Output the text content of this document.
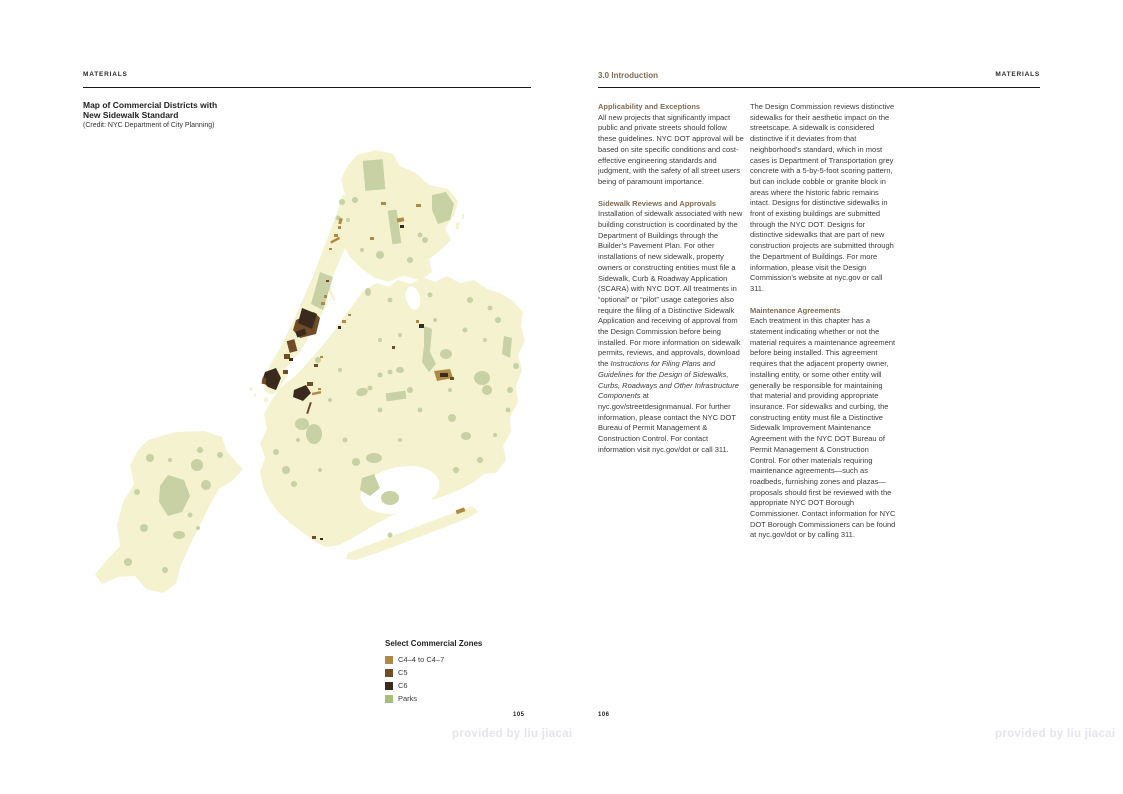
MATERIALS
Map of Commercial Districts with
New Sidewalk Standard
(Credit: NYC Department of City Planning)
Select Commercial Zones
C4–4 to C4–7
C5
C6
Parks
105
3.0 Introduction	MATERIALS
Applicability and Exceptions

All new projects that significantly impact public and private streets should follow these guidelines. NYC DOT approval will be based on site specific conditions and cost-effective engineering standards and judgment, with the safety of all street users being of paramount importance.

Sidewalk Reviews and Approvals

Installation of sidewalk associated with new building construction is coordinated by the Department of Buildings through the Builder’s Pavement Plan. For other installations of new sidewalk, property owners or constructing entities must file a Sidewalk, Curb & Roadway Application (SCARA) with NYC DOT. All treatments in “optional” or “pilot” usage categories also require the filing of a Distinctive Sidewalk Application and receiving of approval from the Design Commission before being installed. For more information on sidewalk permits, reviews, and approvals, download the Instructions for Filing Plans and Guidelines for the Design of Sidewalks, Curbs, Roadways and Other Infrastructure Components at nyc.gov/streetdesignmanual. For further information, please contact the NYC DOT Bureau of Permit Management & Construction Control. For contact information visit nyc.gov/dot or call 311.

The Design Commission reviews distinctive sidewalks for their aesthetic impact on the streetscape. A sidewalk is considered distinctive if it deviates from that neighborhood’s standard, which in most cases is Department of Transportation grey concrete with a 5-by-5-foot scoring pattern, but can include cobble or granite block in areas where the historic fabric remains intact. Designs for distinctive sidewalks in front of existing buildings are submitted through the NYC DOT. Designs for distinctive sidewalks that are part of new construction projects are submitted through the Department of Buildings. For more information, please visit the Design Commission’s website at nyc.gov or call 311.

Maintenance Agreements

Each treatment in this chapter has a statement indicating whether or not the material requires a maintenance agreement before being installed. This agreement requires that the adjacent property owner, installing entity, or some other entity will generally be responsible for maintaining that material and providing appropriate insurance. For sidewalks and curbing, the constructing entity must file a Distinctive Sidewalk Improvement Maintenance Agreement with the NYC DOT Bureau of Permit Management & Construction Control. For other materials requiring maintenance agreements—such as roadbeds, furnishing zones and plazas—proposals should first be reviewed with the appropriate NYC DOT Borough Commissioner. Contact information for NYC DOT Borough Commissioners can be found at nyc.gov/dot or by calling 311.

106
provided by liu jiacai	provided by liu jiacai
